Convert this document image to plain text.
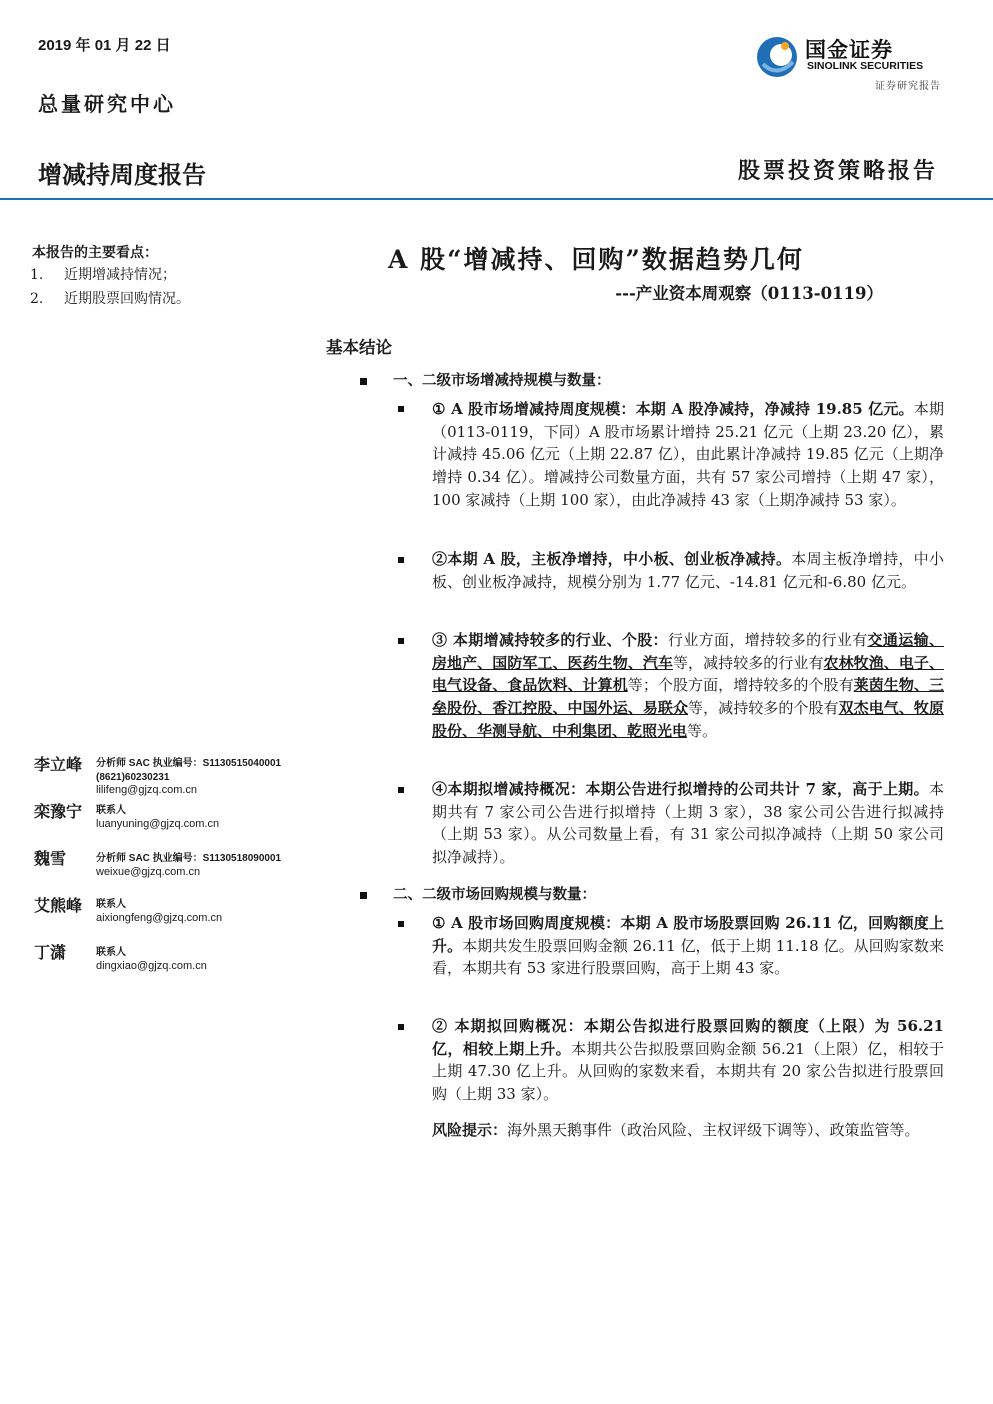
2019 年 01 月 22 日
总量研究中心
增减持周度报告	股票投资策略报告
国金证券
SINOLINK SECURITIES
证券研究报告
本报告的主要看点：
1. 近期增减持情况；
2. 近期股票回购情况。
李立峰	分析师 SAC 执业编号：S1130515040001
(8621)60230231
lilifeng@gjzq.com.cn
栾豫宁	联系人
luanyuning@gjzq.com.cn
魏雪	分析师 SAC 执业编号：S1130518090001
weixue@gjzq.com.cn
艾熊峰	联系人
aixiongfeng@gjzq.com.cn
丁潇	联系人
dingxiao@gjzq.com.cn
A 股“增减持、回购”数据趋势几何
---产业资本周观察（0113-0119）
基本结论
一、二级市场增减持规模与数量：
① A 股市场增减持周度规模：本期 A 股净减持，净减持 19.85 亿元。本期（0113-0119，下同）A 股市场累计增持 25.21 亿元（上期 23.20 亿），累计减持 45.06 亿元（上期 22.87 亿），由此累计净减持 19.85 亿元（上期净增持 0.34 亿）。增减持公司数量方面，共有 57 家公司增持（上期 47 家），100 家减持（上期 100 家），由此净减持 43 家（上期净减持 53 家）。
②本期 A 股，主板净增持，中小板、创业板净减持。本周主板净增持，中小板、创业板净减持，规模分别为 1.77 亿元、-14.81 亿元和-6.80 亿元。
③ 本期增减持较多的行业、个股：行业方面，增持较多的行业有交通运输、房地产、国防军工、医药生物、汽车等，减持较多的行业有农林牧渔、电子、电气设备、食品饮料、计算机等；个股方面，增持较多的个股有莱茵生物、三垒股份、香江控股、中国外运、易联众等，减持较多的个股有双杰电气、牧原股份、华测导航、中利集团、乾照光电等。
④本期拟增减持概况：本期公告进行拟增持的公司共计 7 家，高于上期。本期共有 7 家公司公告进行拟增持（上期 3 家），38 家公司公告进行拟减持（上期 53 家）。从公司数量上看，有 31 家公司拟净减持（上期 50 家公司拟净减持）。
二、二级市场回购规模与数量：
① A 股市场回购周度规模：本期 A 股市场股票回购 26.11 亿，回购额度上升。本期共发生股票回购金额 26.11 亿，低于上期 11.18 亿。从回购家数来看，本期共有 53 家进行股票回购，高于上期 43 家。
② 本期拟回购概况：本期公告拟进行股票回购的额度（上限）为 56.21 亿，相较上期上升。本期共公告拟股票回购金额 56.21（上限）亿，相较于上期 47.30 亿上升。从回购的家数来看，本期共有 20 家公告拟进行股票回购（上期 33 家）。
风险提示：海外黑天鹅事件（政治风险、主权评级下调等）、政策监管等。
